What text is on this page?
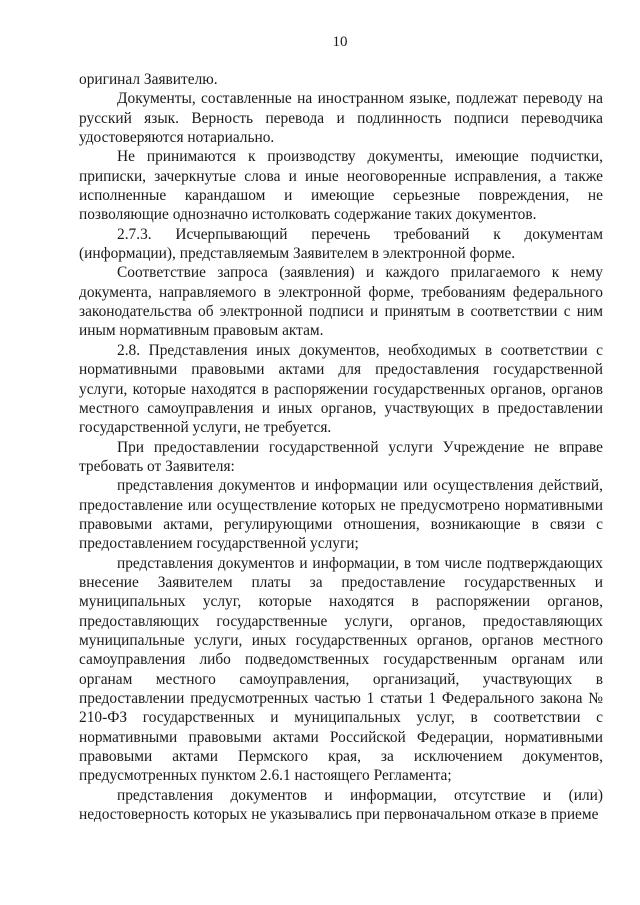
10

оригинал Заявителю.

Документы, составленные на иностранном языке, подлежат переводу на русский язык. Верность перевода и подлинность подписи переводчика удостоверяются нотариально.

Не принимаются к производству документы, имеющие подчистки, приписки, зачеркнутые слова и иные неоговоренные исправления, а также исполненные карандашом и имеющие серьезные повреждения, не позволяющие однозначно истолковать содержание таких документов.

2.7.3. Исчерпывающий перечень требований к документам (информации), представляемым Заявителем в электронной форме.

Соответствие запроса (заявления) и каждого прилагаемого к нему документа, направляемого в электронной форме, требованиям федерального законодательства об электронной подписи и принятым в соответствии с ним иным нормативным правовым актам.

2.8. Представления иных документов, необходимых в соответствии с нормативными правовыми актами для предоставления государственной услуги, которые находятся в распоряжении государственных органов, органов местного самоуправления и иных органов, участвующих в предоставлении государственной услуги, не требуется.

При предоставлении государственной услуги Учреждение не вправе требовать от Заявителя:

представления документов и информации или осуществления действий, предоставление или осуществление которых не предусмотрено нормативными правовыми актами, регулирующими отношения, возникающие в связи с предоставлением государственной услуги;

представления документов и информации, в том числе подтверждающих внесение Заявителем платы за предоставление государственных и муниципальных услуг, которые находятся в распоряжении органов, предоставляющих государственные услуги, органов, предоставляющих муниципальные услуги, иных государственных органов, органов местного самоуправления либо подведомственных государственным органам или органам местного самоуправления, организаций, участвующих в предоставлении предусмотренных частью 1 статьи 1 Федерального закона № 210-ФЗ государственных и муниципальных услуг, в соответствии с нормативными правовыми актами Российской Федерации, нормативными правовыми актами Пермского края, за исключением документов, предусмотренных пунктом 2.6.1 настоящего Регламента;

представления документов и информации, отсутствие и (или) недостоверность которых не указывались при первоначальном отказе в приеме
